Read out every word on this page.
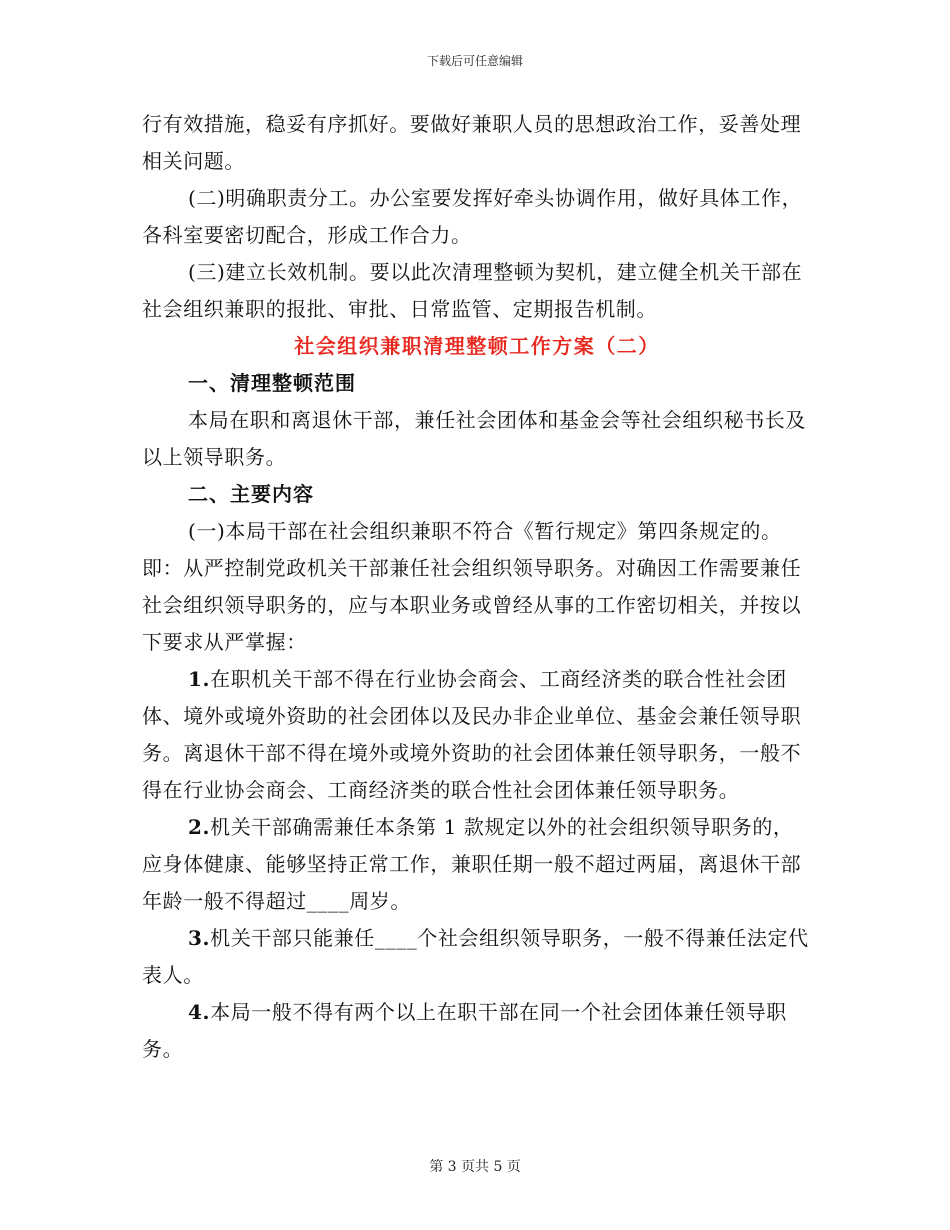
下载后可任意编辑

行有效措施，稳妥有序抓好。要做好兼职人员的思想政治工作，妥善处理相关问题。

(二)明确职责分工。办公室要发挥好牵头协调作用，做好具体工作，各科室要密切配合，形成工作合力。

(三)建立长效机制。要以此次清理整顿为契机，建立健全机关干部在社会组织兼职的报批、审批、日常监管、定期报告机制。

社会组织兼职清理整顿工作方案（二）

一、清理整顿范围

本局在职和离退休干部，兼任社会团体和基金会等社会组织秘书长及以上领导职务。

二、主要内容

(一)本局干部在社会组织兼职不符合《暂行规定》第四条规定的。即：从严控制党政机关干部兼任社会组织领导职务。对确因工作需要兼任社会组织领导职务的，应与本职业务或曾经从事的工作密切相关，并按以下要求从严掌握：

1.在职机关干部不得在行业协会商会、工商经济类的联合性社会团体、境外或境外资助的社会团体以及民办非企业单位、基金会兼任领导职务。离退休干部不得在境外或境外资助的社会团体兼任领导职务，一般不得在行业协会商会、工商经济类的联合性社会团体兼任领导职务。

2.机关干部确需兼任本条第 1 款规定以外的社会组织领导职务的，应身体健康、能够坚持正常工作，兼职任期一般不超过两届，离退休干部年龄一般不得超过____周岁。

3.机关干部只能兼任____个社会组织领导职务，一般不得兼任法定代表人。

4.本局一般不得有两个以上在职干部在同一个社会团体兼任领导职务。

第 3 页共 5 页
